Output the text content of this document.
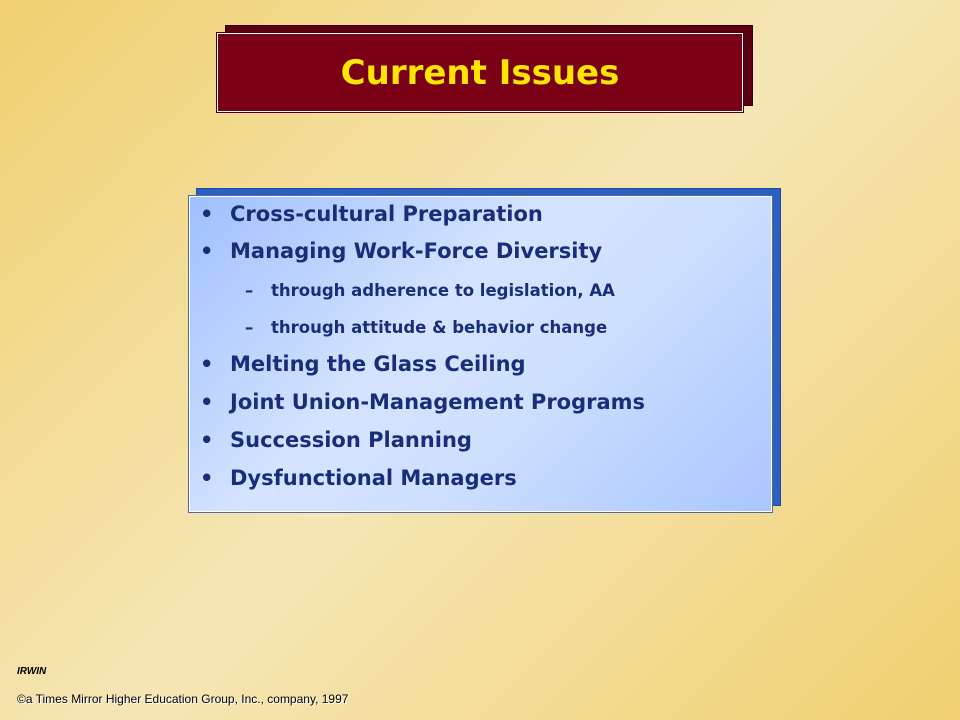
Current Issues
• Cross-cultural Preparation
• Managing Work-Force Diversity
–	through adherence to legislation, AA
–	through attitude & behavior change
• Melting the Glass Ceiling
• Joint Union-Management Programs
• Succession Planning
• Dysfunctional Managers
IRWIN
©a Times Mirror Higher Education Group, Inc., company, 1997
